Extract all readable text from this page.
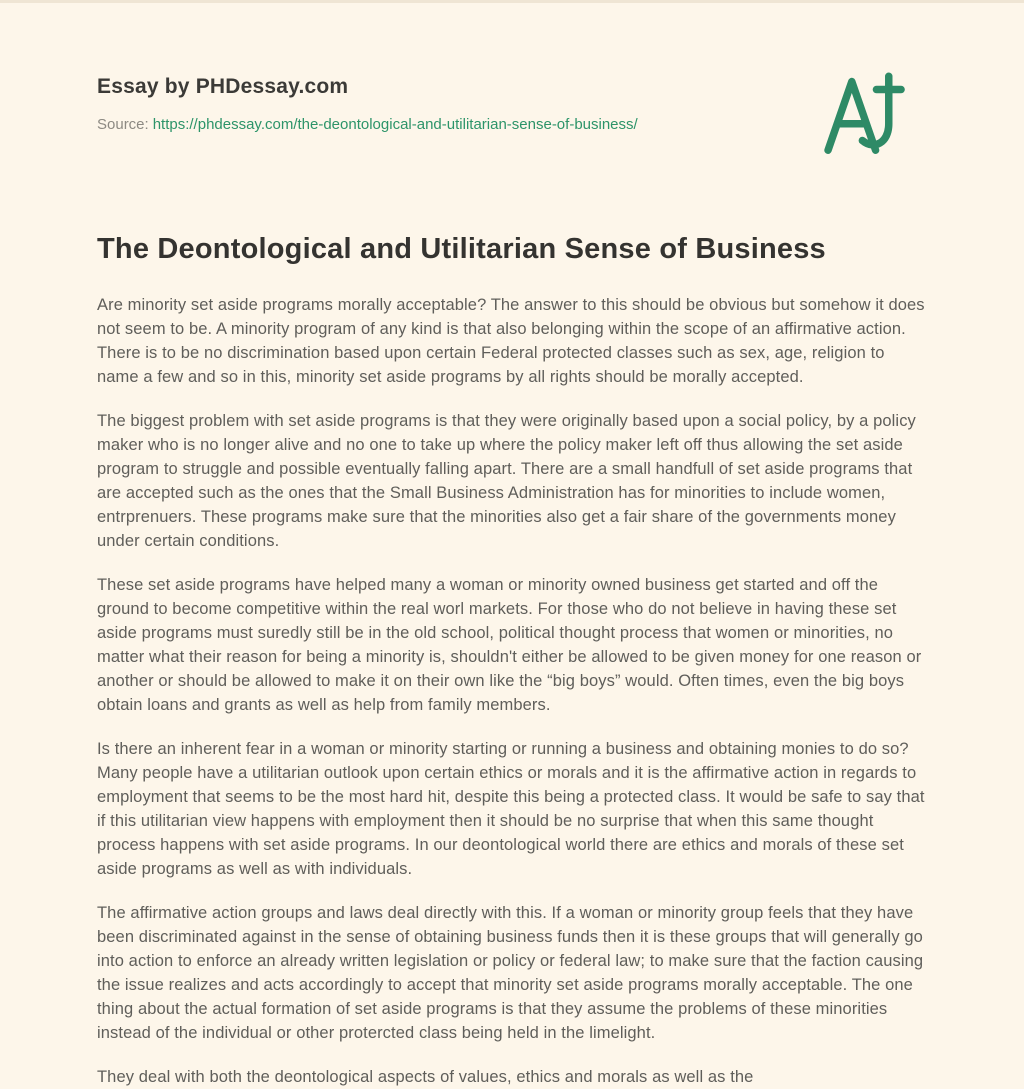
Essay by PHDessay.com
Source: https://phdessay.com/the-deontological-and-utilitarian-sense-of-business/
The Deontological and Utilitarian Sense of Business

Are minority set aside programs morally acceptable? The answer to this should be obvious but somehow it does not seem to be. A minority program of any kind is that also belonging within the scope of an affirmative action. There is to be no discrimination based upon certain Federal protected classes such as sex, age, religion to name a few and so in this, minority set aside programs by all rights should be morally accepted.

The biggest problem with set aside programs is that they were originally based upon a social policy, by a policy maker who is no longer alive and no one to take up where the policy maker left off thus allowing the set aside program to struggle and possible eventually falling apart. There are a small handfull of set aside programs that are accepted such as the ones that the Small Business Administration has for minorities to include women, entrprenuers. These programs make sure that the minorities also get a fair share of the governments money under certain conditions.

These set aside programs have helped many a woman or minority owned business get started and off the ground to become competitive within the real worl markets. For those who do not believe in having these set aside programs must suredly still be in the old school, political thought process that women or minorities, no matter what their reason for being a minority is, shouldn't either be allowed to be given money for one reason or another or should be allowed to make it on their own like the “big boys” would. Often times, even the big boys obtain loans and grants as well as help from family members.

Is there an inherent fear in a woman or minority starting or running a business and obtaining monies to do so? Many people have a utilitarian outlook upon certain ethics or morals and it is the affirmative action in regards to employment that seems to be the most hard hit, despite this being a protected class. It would be safe to say that if this utilitarian view happens with employment then it should be no surprise that when this same thought process happens with set aside programs. In our deontological world there are ethics and morals of these set aside programs as well as with individuals.

The affirmative action groups and laws deal directly with this. If a woman or minority group feels that they have been discriminated against in the sense of obtaining business funds then it is these groups that will generally go into action to enforce an already written legislation or policy or federal law; to make sure that the faction causing the issue realizes and acts accordingly to accept that minority set aside programs morally acceptable. The one thing about the actual formation of set aside programs is that they assume the problems of these minorities instead of the individual or other protercted class being held in the limelight.

They deal with both the deontological aspects of values, ethics and morals as well as the
